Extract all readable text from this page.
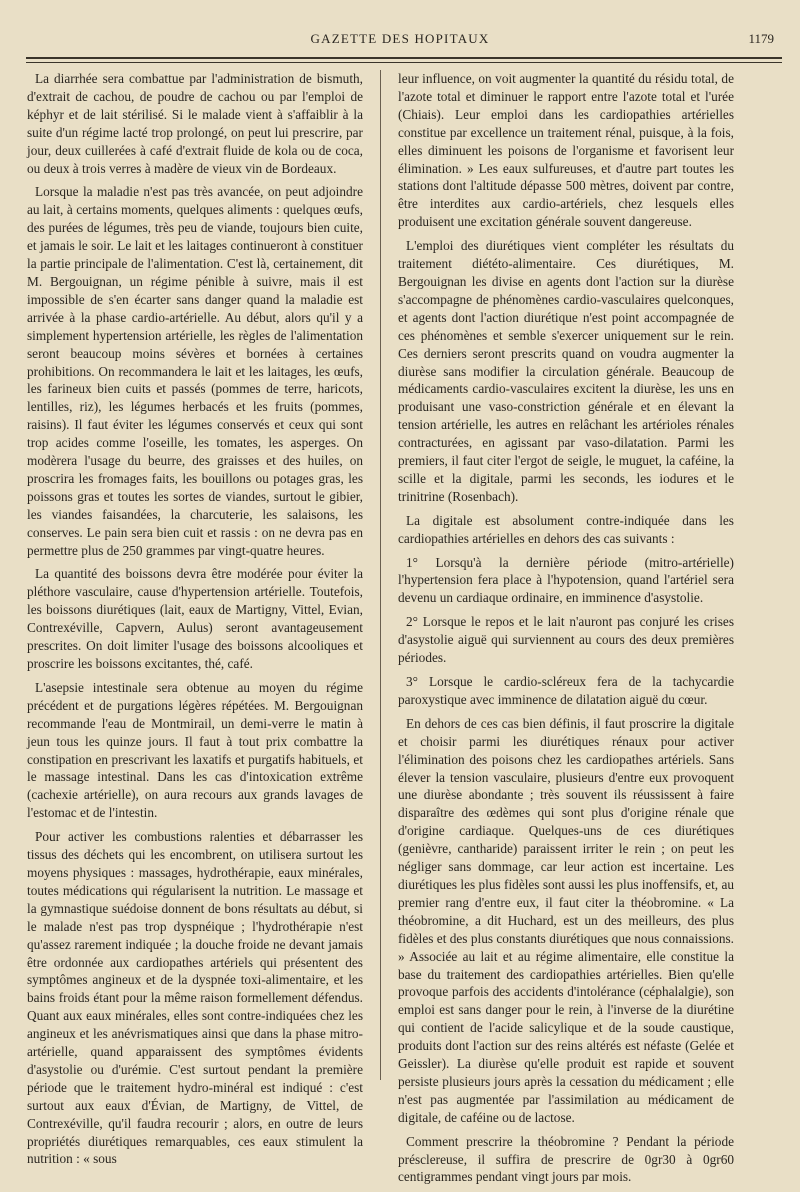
GAZETTE DES HOPITAUX	1179

La diarrhée sera combattue par l'administration de bismuth, d'extrait de cachou, de poudre de cachou ou par l'emploi de képhyr et de lait stérilisé. Si le malade vient à s'affaiblir à la suite d'un régime lacté trop prolongé, on peut lui prescrire, par jour, deux cuillerées à café d'extrait fluide de kola ou de coca, ou deux à trois verres à madère de vieux vin de Bordeaux.

Lorsque la maladie n'est pas très avancée, on peut adjoindre au lait, à certains moments, quelques aliments : quelques œufs, des purées de légumes, très peu de viande, toujours bien cuite, et jamais le soir. Le lait et les laitages continueront à constituer la partie principale de l'alimentation. C'est là, certainement, dit M. Bergouignan, un régime pénible à suivre, mais il est impossible de s'en écarter sans danger quand la maladie est arrivée à la phase cardio-artérielle. Au début, alors qu'il y a simplement hypertension artérielle, les règles de l'alimentation seront beaucoup moins sévères et bornées à certaines prohibitions. On recommandera le lait et les laitages, les œufs, les farineux bien cuits et passés (pommes de terre, haricots, lentilles, riz), les légumes herbacés et les fruits (pommes, raisins). Il faut éviter les légumes conservés et ceux qui sont trop acides comme l'oseille, les tomates, les asperges. On modèrera l'usage du beurre, des graisses et des huiles, on proscrira les fromages faits, les bouillons ou potages gras, les poissons gras et toutes les sortes de viandes, surtout le gibier, les viandes faisandées, la charcuterie, les salaisons, les conserves. Le pain sera bien cuit et rassis : on ne devra pas en permettre plus de 250 grammes par vingt-quatre heures.

La quantité des boissons devra être modérée pour éviter la pléthore vasculaire, cause d'hypertension artérielle. Toutefois, les boissons diurétiques (lait, eaux de Martigny, Vittel, Evian, Contrexéville, Capvern, Aulus) seront avantageusement prescrites. On doit limiter l'usage des boissons alcooliques et proscrire les boissons excitantes, thé, café.

L'asepsie intestinale sera obtenue au moyen du régime précédent et de purgations légères répétées. M. Bergouignan recommande l'eau de Montmirail, un demi-verre le matin à jeun tous les quinze jours. Il faut à tout prix combattre la constipation en prescrivant les laxatifs et purgatifs habituels, et le massage intestinal. Dans les cas d'intoxication extrême (cachexie artérielle), on aura recours aux grands lavages de l'estomac et de l'intestin.

Pour activer les combustions ralenties et débarrasser les tissus des déchets qui les encombrent, on utilisera surtout les moyens physiques : massages, hydrothérapie, eaux minérales, toutes médications qui régularisent la nutrition. Le massage et la gymnastique suédoise donnent de bons résultats au début, si le malade n'est pas trop dyspnéique ; l'hydrothérapie n'est qu'assez rarement indiquée ; la douche froide ne devant jamais être ordonnée aux cardiopathes artériels qui présentent des symptômes angineux et de la dyspnée toxi-alimentaire, et les bains froids étant pour la même raison formellement défendus. Quant aux eaux minérales, elles sont contre-indiquées chez les angineux et les anévrismatiques ainsi que dans la phase mitro-artérielle, quand apparaissent des symptômes évidents d'asystolie ou d'urémie. C'est surtout pendant la première période que le traitement hydro-minéral est indiqué : c'est surtout aux eaux d'Évian, de Martigny, de Vittel, de Contrexéville, qu'il faudra recourir ; alors, en outre de leurs propriétés diurétiques remarquables, ces eaux stimulent la nutrition : « sous

leur influence, on voit augmenter la quantité du résidu total, de l'azote total et diminuer le rapport entre l'azote total et l'urée (Chiais). Leur emploi dans les cardiopathies artérielles constitue par excellence un traitement rénal, puisque, à la fois, elles diminuent les poisons de l'organisme et favorisent leur élimination. » Les eaux sulfureuses, et d'autre part toutes les stations dont l'altitude dépasse 500 mètres, doivent par contre, être interdites aux cardio-artériels, chez lesquels elles produisent une excitation générale souvent dangereuse.

L'emploi des diurétiques vient compléter les résultats du traitement diététo-alimentaire. Ces diurétiques, M. Bergouignan les divise en agents dont l'action sur la diurèse s'accompagne de phénomènes cardio-vasculaires quelconques, et agents dont l'action diurétique n'est point accompagnée de ces phénomènes et semble s'exercer uniquement sur le rein. Ces derniers seront prescrits quand on voudra augmenter la diurèse sans modifier la circulation générale. Beaucoup de médicaments cardio-vasculaires excitent la diurèse, les uns en produisant une vaso-constriction générale et en élevant la tension artérielle, les autres en relâchant les artérioles rénales contracturées, en agissant par vaso-dilatation. Parmi les premiers, il faut citer l'ergot de seigle, le muguet, la caféine, la scille et la digitale, parmi les seconds, les iodures et le trinitrine (Rosenbach).

La digitale est absolument contre-indiquée dans les cardiopathies artérielles en dehors des cas suivants :

1° Lorsqu'à la dernière période (mitro-artérielle) l'hypertension fera place à l'hypotension, quand l'artériel sera devenu un cardiaque ordinaire, en imminence d'asystolie.

2° Lorsque le repos et le lait n'auront pas conjuré les crises d'asystolie aiguë qui surviennent au cours des deux premières périodes.

3° Lorsque le cardio-scléreux fera de la tachycardie paroxystique avec imminence de dilatation aiguë du cœur.

En dehors de ces cas bien définis, il faut proscrire la digitale et choisir parmi les diurétiques rénaux pour activer l'élimination des poisons chez les cardiopathes artériels. Sans élever la tension vasculaire, plusieurs d'entre eux provoquent une diurèse abondante ; très souvent ils réussissent à faire disparaître des œdèmes qui sont plus d'origine rénale que d'origine cardiaque. Quelques-uns de ces diurétiques (genièvre, cantharide) paraissent irriter le rein ; on peut les négliger sans dommage, car leur action est incertaine. Les diurétiques les plus fidèles sont aussi les plus inoffensifs, et, au premier rang d'entre eux, il faut citer la théobromine. « La théobromine, a dit Huchard, est un des meilleurs, des plus fidèles et des plus constants diurétiques que nous connaissions. » Associée au lait et au régime alimentaire, elle constitue la base du traitement des cardiopathies artérielles. Bien qu'elle provoque parfois des accidents d'intolérance (céphalalgie), son emploi est sans danger pour le rein, à l'inverse de la diurétine qui contient de l'acide salicylique et de la soude caustique, produits dont l'action sur des reins altérés est néfaste (Gelée et Geissler). La diurèse qu'elle produit est rapide et souvent persiste plusieurs jours après la cessation du médicament ; elle n'est pas augmentée par l'assimilation au médicament de digitale, de caféine ou de lactose.

Comment prescrire la théobromine ? Pendant la période présclereuse, il suffira de prescrire de 0gr30 à 0gr60 centigrammes pendant vingt jours par mois.
